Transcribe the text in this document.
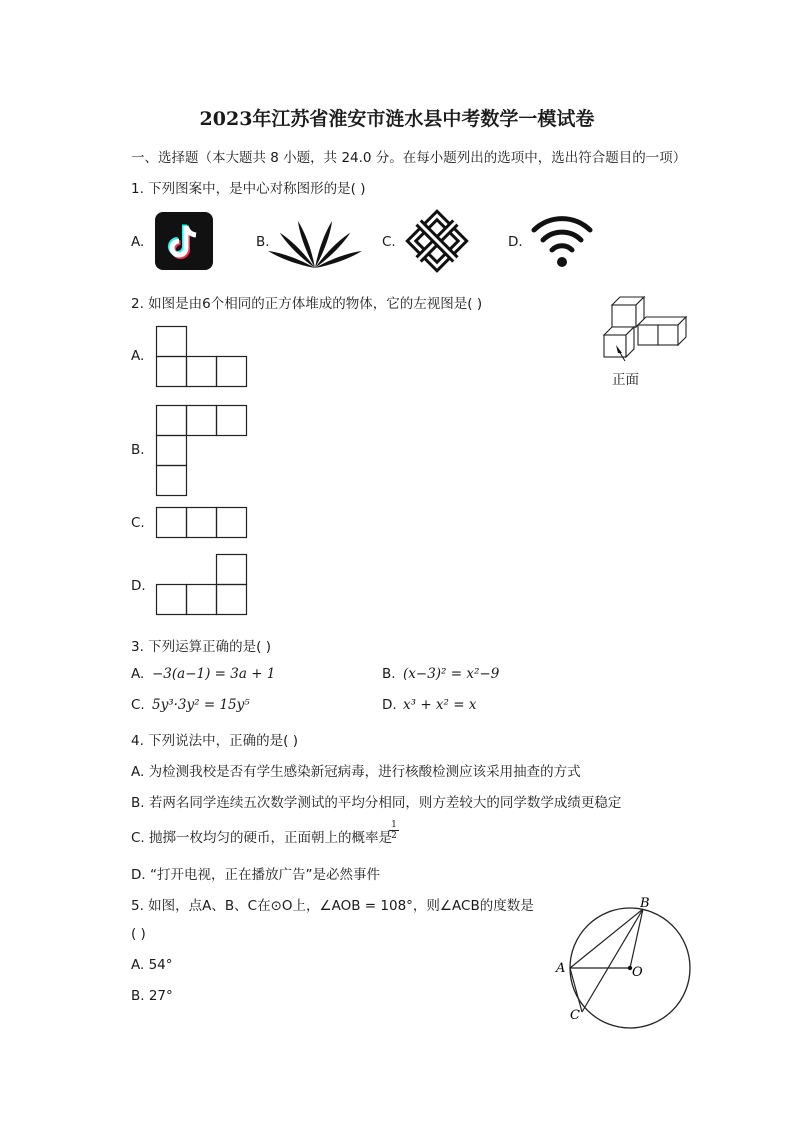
2023年江苏省淮安市涟水县中考数学一模试卷
一、选择题（本大题共 8 小题，共 24.0 分。在每小题列出的选项中，选出符合题目的一项）
1. 下列图案中，是中心对称图形的是( )
A.	B.	C.	D.
2. 如图是由6个相同的正方体堆成的物体，它的左视图是( )
正面
A.
B.
C.
D.
3. 下列运算正确的是( )
A. −3(a−1) = 3a + 1	B. (x−3)² = x²−9
C. 5y³·3y² = 15y⁵	D. x³ + x² = x
4. 下列说法中，正确的是( )
A. 为检测我校是否有学生感染新冠病毒，进行核酸检测应该采用抽查的方式
B. 若两名同学连续五次数学测试的平均分相同，则方差较大的同学数学成绩更稳定
C. 抛掷一枚均匀的硬币，正面朝上的概率是
$\frac{1}{2}$
D. “打开电视，正在播放广告”是必然事件
5. 如图，点A、B、C在⊙O上，∠AOB = 108°，则∠ACB的度数是
( )
A. 54°
B. 27°
B
A	O
C
